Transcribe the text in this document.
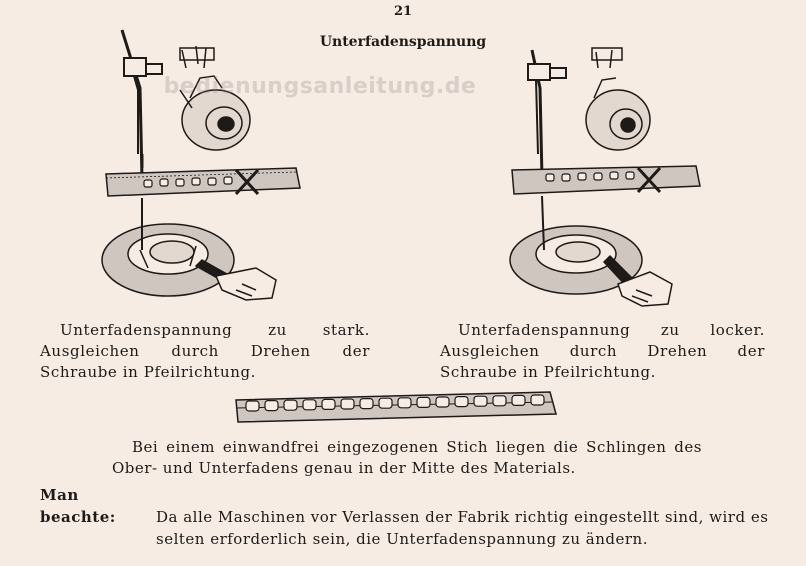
21
Unterfadenspannung
bedienungsanleitung.de
Unterfadenspannung zu stark. Ausgleichen durch Drehen der Schraube in Pfeilrichtung.
Unterfadenspannung zu locker. Ausgleichen durch Drehen der Schraube in Pfeilrichtung.
Bei einem einwandfrei eingezogenen Stich liegen die Schlingen des Ober- und Unterfadens genau in der Mitte des Materials.
Man beachte:	Da alle Maschinen vor Verlassen der Fabrik richtig eingestellt sind, wird es
selten erforderlich sein, die Unterfadenspannung zu ändern.
